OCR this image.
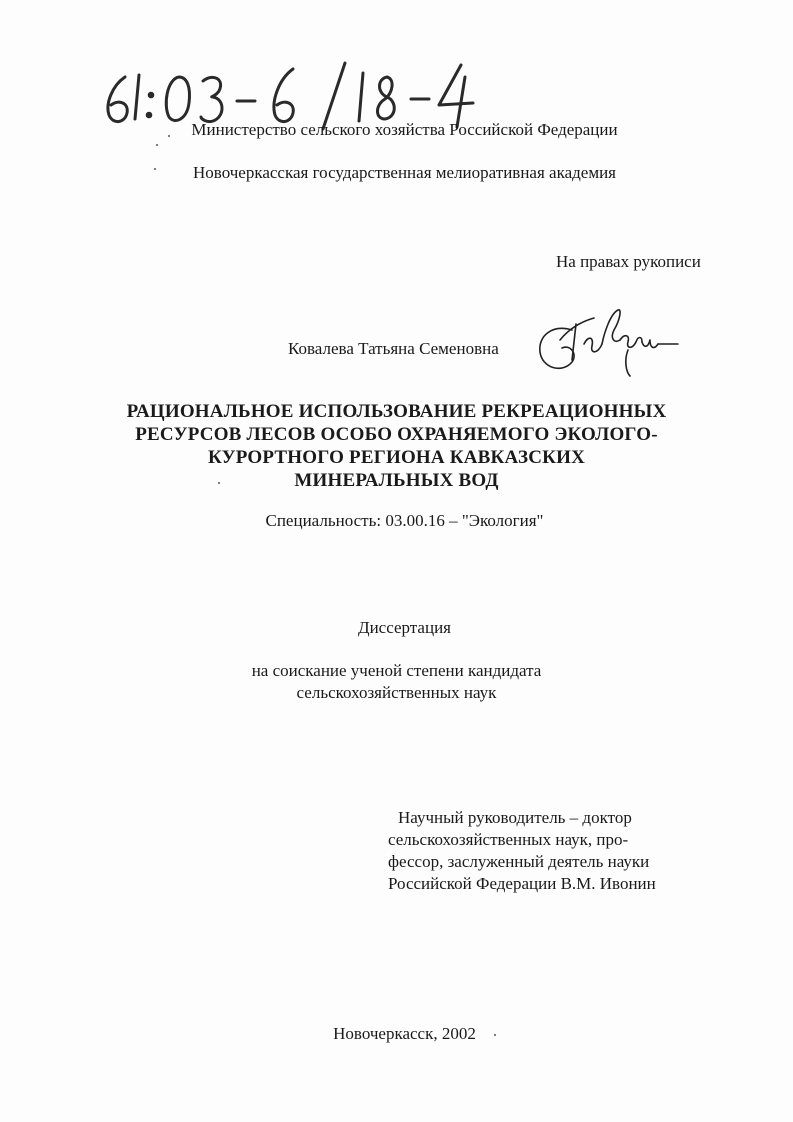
Министерство сельского хозяйства Российской Федерации
Новочеркасская государственная мелиоративная академия
На правах рукописи
Ковалева Татьяна Семеновна
РАЦИОНАЛЬНОЕ ИСПОЛЬЗОВАНИЕ РЕКРЕАЦИОННЫХ
РЕСУРСОВ ЛЕСОВ ОСОБО ОХРАНЯЕМОГО ЭКОЛОГО-
КУРОРТНОГО РЕГИОНА КАВКАЗСКИХ
МИНЕРАЛЬНЫХ ВОД
Специальность: 03.00.16 – "Экология"
Диссертация
на соискание ученой степени кандидата
сельскохозяйственных наук
Научный руководитель – доктор
сельскохозяйственных наук, про-
фессор, заслуженный деятель науки
Российской Федерации В.М. Ивонин
Новочеркасск, 2002
